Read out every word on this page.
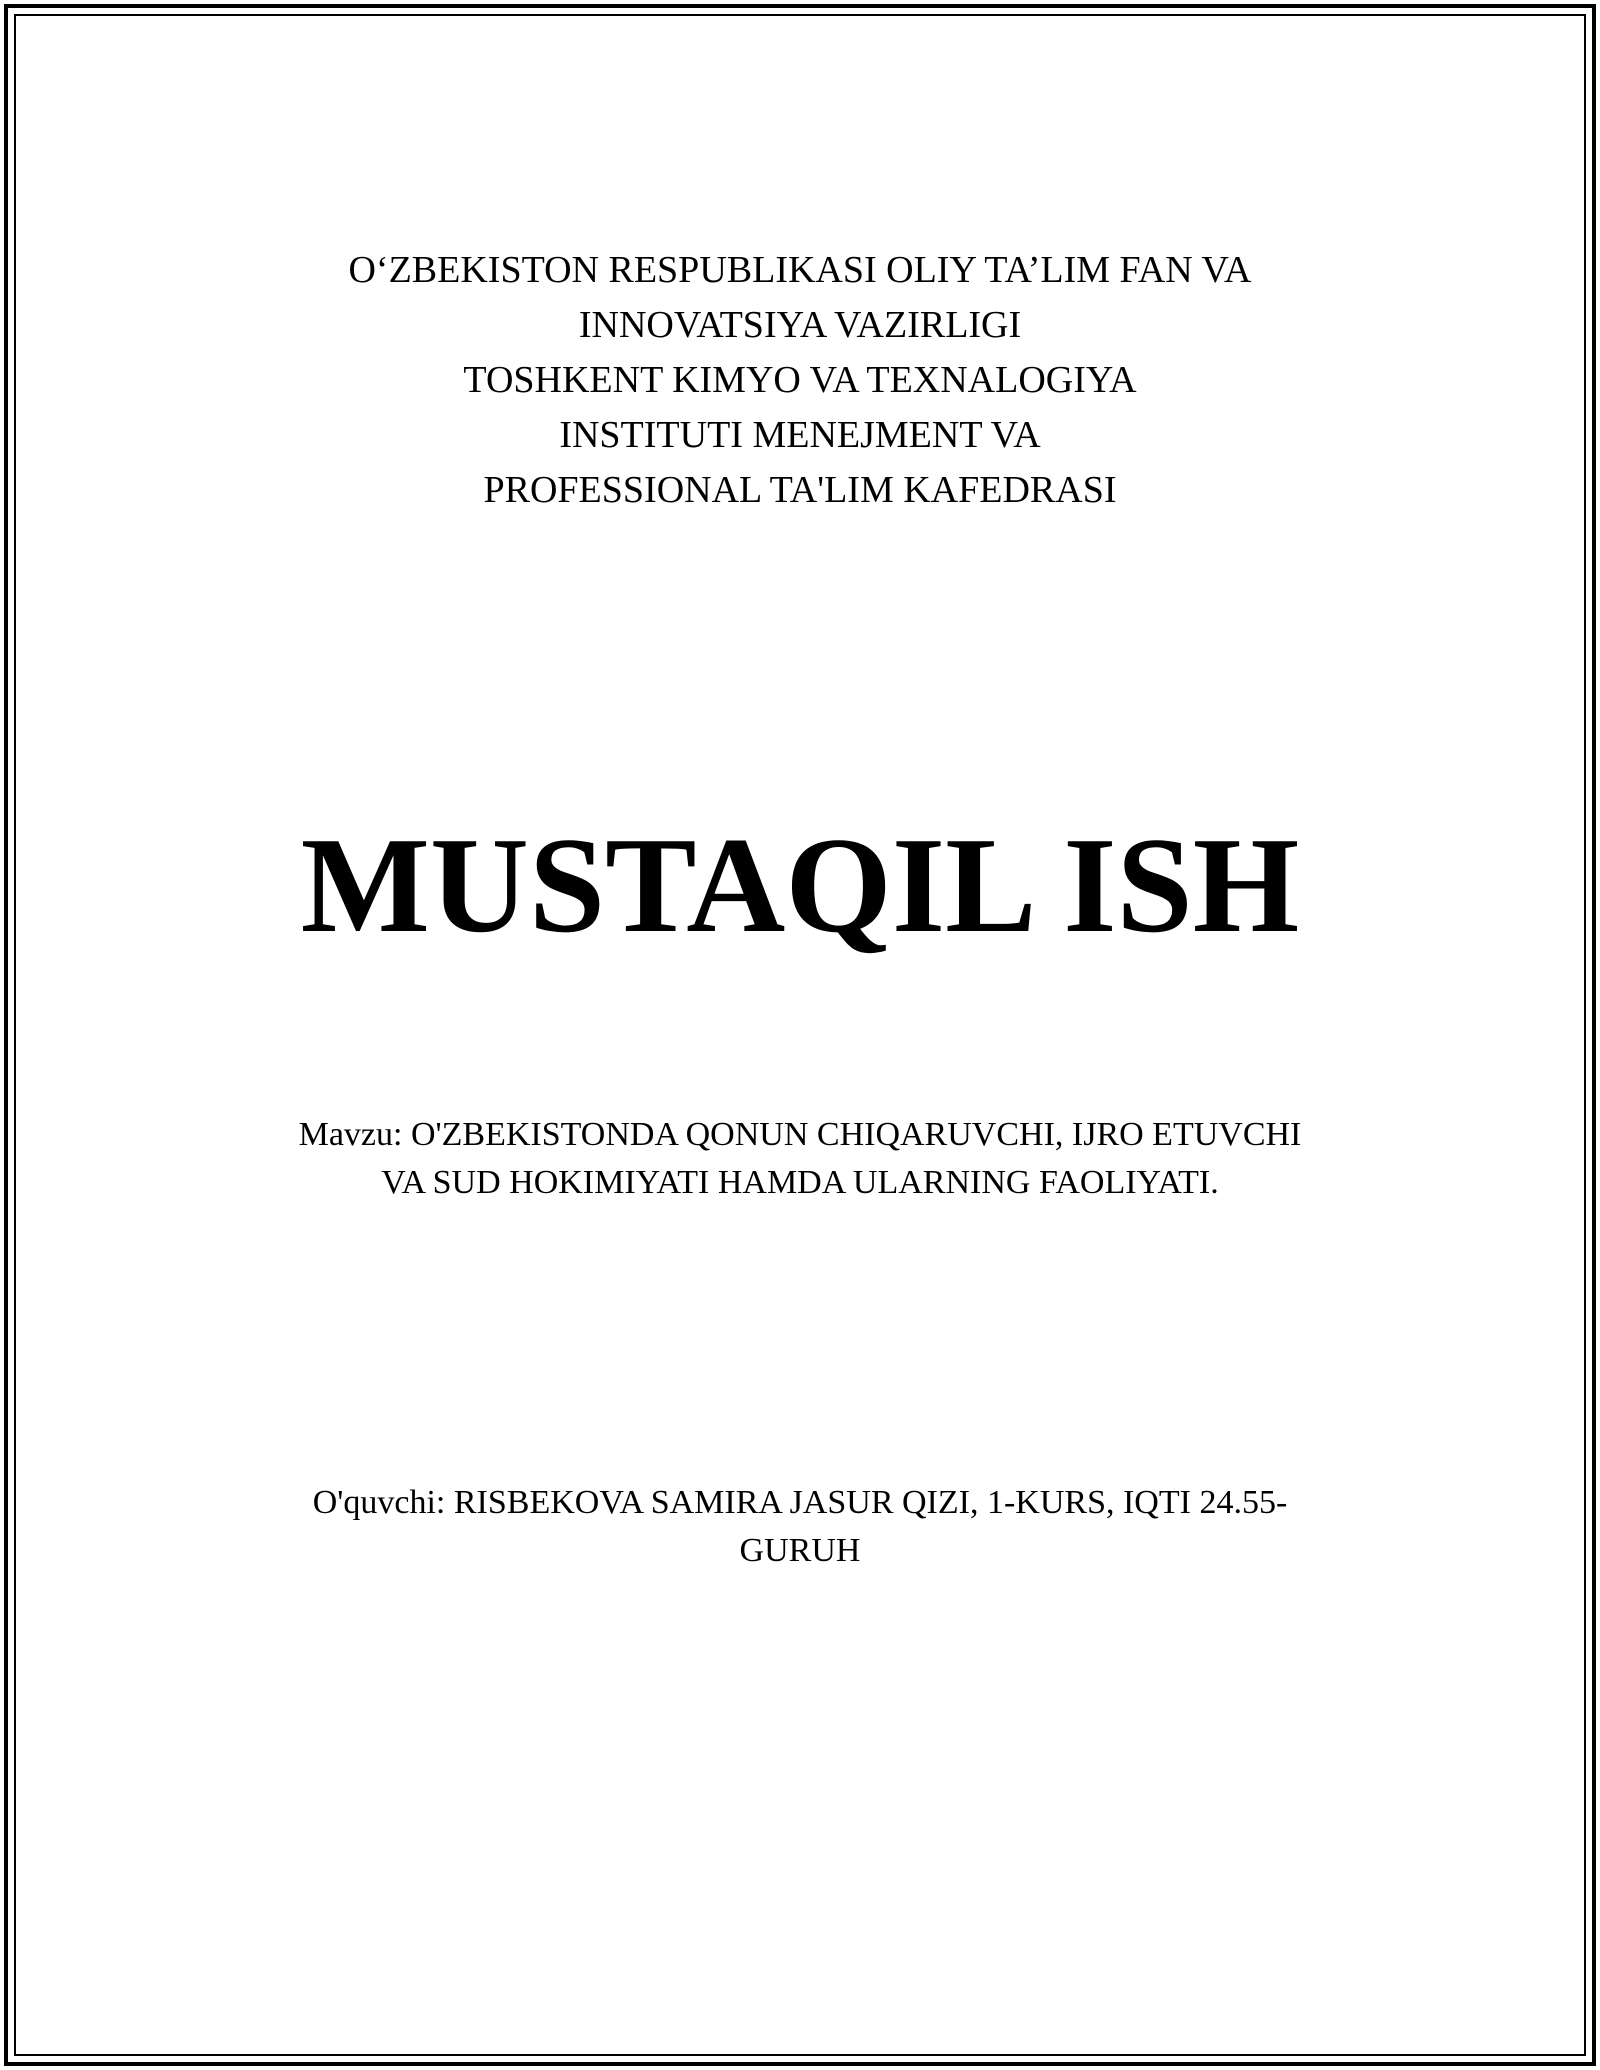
O‘ZBEKISTON RESPUBLIKASI OLIY TA’LIM FAN VA
INNOVATSIYA VAZIRLIGI
TOSHKENT KIMYO VA TEXNALOGIYA
INSTITUTI MENEJMENT VA
PROFESSIONAL TA'LIM KAFEDRASI
MUSTAQIL ISH
Mavzu: O'ZBEKISTONDA QONUN CHIQARUVCHI, IJRO ETUVCHI
VA SUD HOKIMIYATI HAMDA ULARNING FAOLIYATI.
O'quvchi: RISBEKOVA SAMIRA JASUR QIZI, 1-KURS, IQTI 24.55-
GURUH
